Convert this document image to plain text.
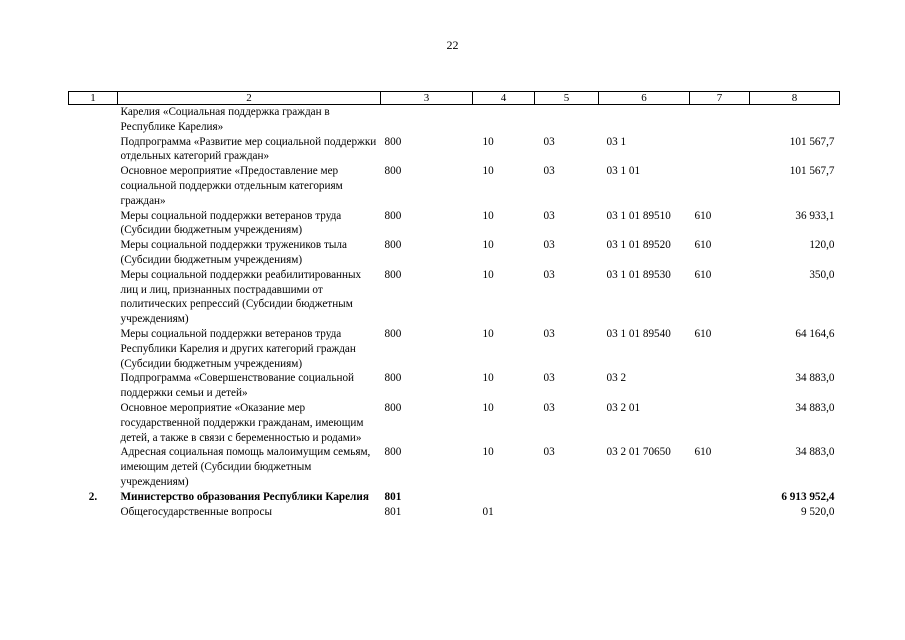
22
1	2	3	4	5	6	7	8
	Карелия «Социальная поддержка граждан в Республике Карелия»						
	Подпрограмма «Развитие мер социальной поддержки отдельных категорий граждан»	800	10	03	03 1		101 567,7
	Основное мероприятие «Предоставление мер социальной поддержки отдельным категориям граждан»	800	10	03	03 1 01		101 567,7
	Меры социальной поддержки ветеранов труда (Субсидии бюджетным учреждениям)	800	10	03	03 1 01 89510	610	36 933,1
	Меры социальной поддержки тружеников тыла (Субсидии бюджетным учреждениям)	800	10	03	03 1 01 89520	610	120,0
	Меры социальной поддержки реабилитированных лиц и лиц, признанных пострадавшими от политических репрессий (Субсидии бюджетным учреждениям)	800	10	03	03 1 01 89530	610	350,0
	Меры социальной поддержки ветеранов труда Республики Карелия и других категорий граждан (Субсидии бюджетным учреждениям)	800	10	03	03 1 01 89540	610	64 164,6
	Подпрограмма «Совершенствование социальной поддержки семьи и детей»	800	10	03	03 2		34 883,0
	Основное мероприятие «Оказание мер государственной поддержки гражданам, имеющим детей, а также в связи с беременностью и родами»	800	10	03	03 2 01		34 883,0
	Адресная социальная помощь малоимущим семьям, имеющим детей (Субсидии бюджетным учреждениям)	800	10	03	03 2 01 70650	610	34 883,0
2.	Министерство образования Республики Карелия	801					6 913 952,4
	Общегосударственные вопросы	801	01				9 520,0
